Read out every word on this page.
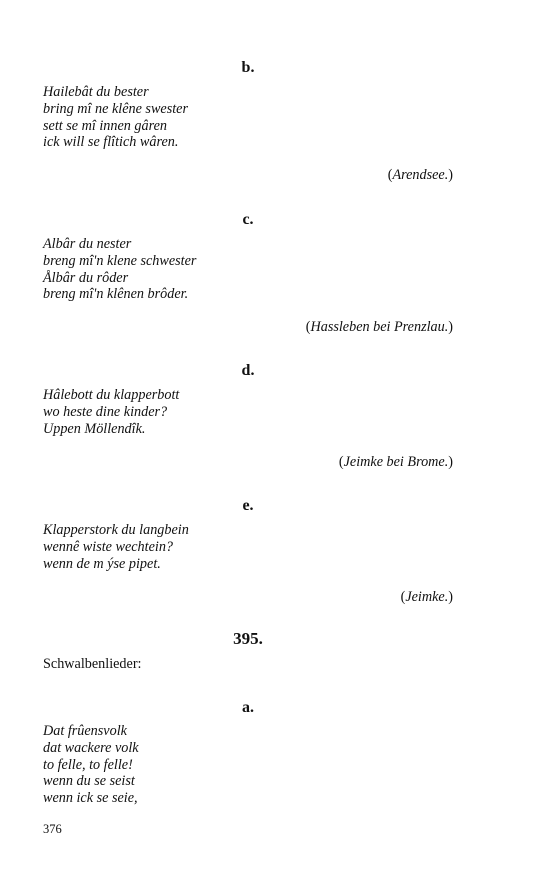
b.
Hailebât du bester
bring mî ne klêne swester
sett se mî innen gâren
ick will se flîtich wâren.
(Arendsee.)
c.
Albâr du nester
breng mî'n klene schwester
Ålbâr du rôder
breng mî'n klênen brôder.
(Hassleben bei Prenzlau.)
d.
Hâlebott du klapperbott
wo heste dine kinder?
Uppen Möllendîk.
(Jeimke bei Brome.)
e.
Klapperstork du langbein
wennê wiste wechtein?
wenn de m ýse pipet.
(Jeimke.)
395.
Schwalbenlieder:
a.
Dat frûensvolk
dat wackere volk
to felle, to felle!
wenn du se seist
wenn ick se seie,
376
